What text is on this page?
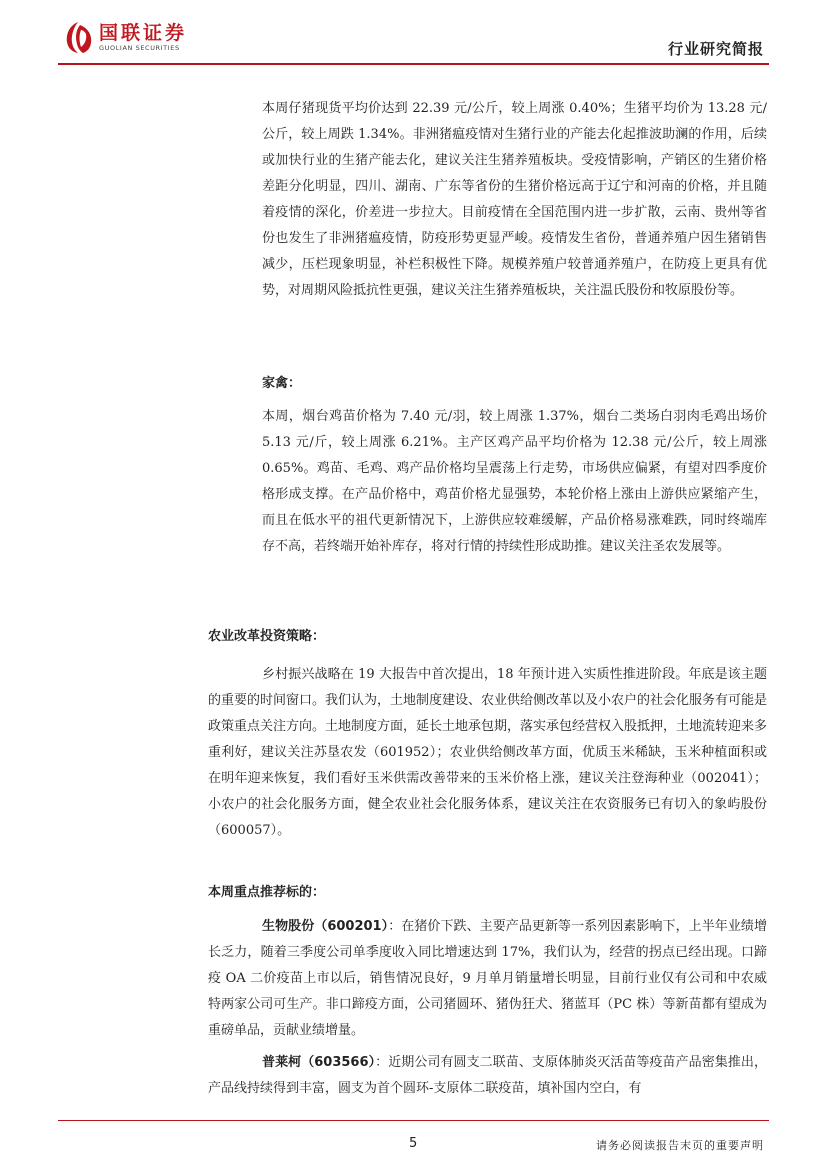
国联证券
GUOLIAN SECURITIES	行业研究简报

本周仔猪现货平均价达到 22.39 元/公斤，较上周涨 0.40%；生猪平均价为 13.28 元/公斤，较上周跌 1.34%。非洲猪瘟疫情对生猪行业的产能去化起推波助澜的作用，后续或加快行业的生猪产能去化，建议关注生猪养殖板块。受疫情影响，产销区的生猪价格差距分化明显，四川、湖南、广东等省份的生猪价格远高于辽宁和河南的价格，并且随着疫情的深化，价差进一步拉大。目前疫情在全国范围内进一步扩散，云南、贵州等省份也发生了非洲猪瘟疫情，防疫形势更显严峻。疫情发生省份，普通养殖户因生猪销售减少，压栏现象明显，补栏积极性下降。规模养殖户较普通养殖户，在防疫上更具有优势，对周期风险抵抗性更强，建议关注生猪养殖板块，关注温氏股份和牧原股份等。

家禽：

本周，烟台鸡苗价格为 7.40 元/羽，较上周涨 1.37%，烟台二类场白羽肉毛鸡出场价 5.13 元/斤，较上周涨 6.21%。主产区鸡产品平均价格为 12.38 元/公斤，较上周涨 0.65%。鸡苗、毛鸡、鸡产品价格均呈震荡上行走势，市场供应偏紧，有望对四季度价格形成支撑。在产品价格中，鸡苗价格尤显强势，本轮价格上涨由上游供应紧缩产生，而且在低水平的祖代更新情况下，上游供应较难缓解，产品价格易涨难跌，同时终端库存不高，若终端开始补库存，将对行情的持续性形成助推。建议关注圣农发展等。

农业改革投资策略：

乡村振兴战略在 19 大报告中首次提出，18 年预计进入实质性推进阶段。年底是该主题的重要的时间窗口。我们认为，土地制度建设、农业供给侧改革以及小农户的社会化服务有可能是政策重点关注方向。土地制度方面，延长土地承包期，落实承包经营权入股抵押，土地流转迎来多重利好，建议关注苏垦农发（601952）；农业供给侧改革方面，优质玉米稀缺，玉米种植面积或在明年迎来恢复，我们看好玉米供需改善带来的玉米价格上涨，建议关注登海种业（002041）；小农户的社会化服务方面，健全农业社会化服务体系，建议关注在农资服务已有切入的象屿股份（600057）。

本周重点推荐标的：

生物股份（600201）：在猪价下跌、主要产品更新等一系列因素影响下，上半年业绩增长乏力，随着三季度公司单季度收入同比增速达到 17%，我们认为，经营的拐点已经出现。口蹄疫 OA 二价疫苗上市以后，销售情况良好，9 月单月销量增长明显，目前行业仅有公司和中农威特两家公司可生产。非口蹄疫方面，公司猪圆环、猪伪狂犬、猪蓝耳（PC 株）等新苗都有望成为重磅单品，贡献业绩增量。

普莱柯（603566）：近期公司有圆支二联苗、支原体肺炎灭活苗等疫苗产品密集推出，产品线持续得到丰富，圆支为首个圆环-支原体二联疫苗，填补国内空白，有

5	请务必阅读报告末页的重要声明
